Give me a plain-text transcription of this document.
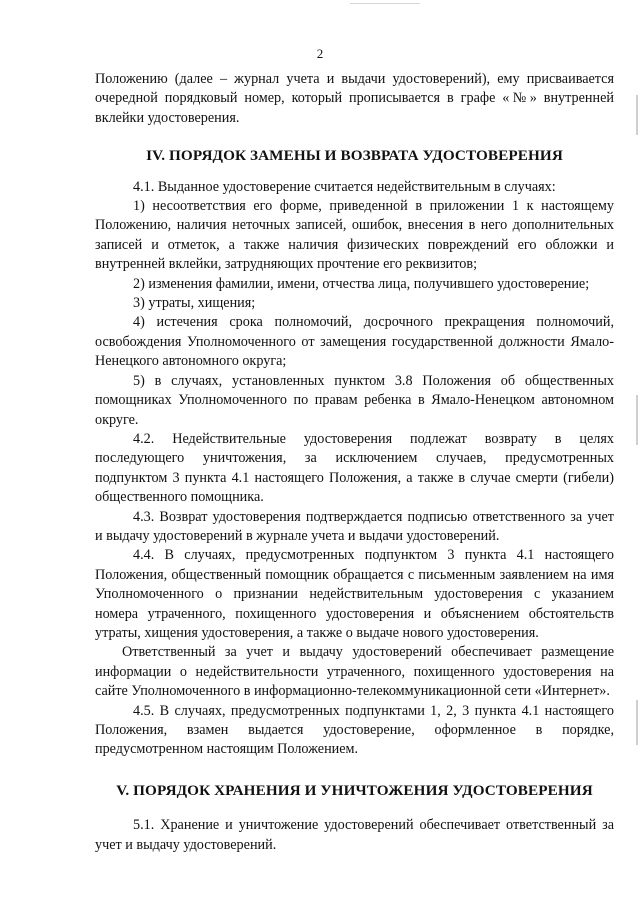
2

Положению (далее – журнал учета и выдачи удостоверений), ему присваивается очередной порядковый номер, который прописывается в графе «№» внутренней вклейки удостоверения.

IV. ПОРЯДОК ЗАМЕНЫ И ВОЗВРАТА УДОСТОВЕРЕНИЯ

4.1. Выданное удостоверение считается недействительным в случаях:

1) несоответствия его форме, приведенной в приложении 1 к настоящему Положению, наличия неточных записей, ошибок, внесения в него дополнительных записей и отметок, а также наличия физических повреждений его обложки и внутренней вклейки, затрудняющих прочтение его реквизитов;

2) изменения фамилии, имени, отчества лица, получившего удостоверение;

3) утраты, хищения;

4) истечения срока полномочий, досрочного прекращения полномочий, освобождения Уполномоченного от замещения государственной должности Ямало-Ненецкого автономного округа;

5) в случаях, установленных пунктом 3.8 Положения об общественных помощниках Уполномоченного по правам ребенка в Ямало-Ненецком автономном округе.

4.2. Недействительные удостоверения подлежат возврату в целях последующего уничтожения, за исключением случаев, предусмотренных подпунктом 3 пункта 4.1 настоящего Положения, а также в случае смерти (гибели) общественного помощника.

4.3. Возврат удостоверения подтверждается подписью ответственного за учет и выдачу удостоверений в журнале учета и выдачи удостоверений.

4.4. В случаях, предусмотренных подпунктом 3 пункта 4.1 настоящего Положения, общественный помощник обращается с письменным заявлением на имя Уполномоченного о признании недействительным удостоверения с указанием номера утраченного, похищенного удостоверения и объяснением обстоятельств утраты, хищения удостоверения, а также о выдаче нового удостоверения.

Ответственный за учет и выдачу удостоверений обеспечивает размещение информации о недействительности утраченного, похищенного удостоверения на сайте Уполномоченного в информационно-телекоммуникационной сети «Интернет».

4.5. В случаях, предусмотренных подпунктами 1, 2, 3 пункта 4.1 настоящего Положения, взамен выдается удостоверение, оформленное в порядке, предусмотренном настоящим Положением.

V. ПОРЯДОК ХРАНЕНИЯ И УНИЧТОЖЕНИЯ УДОСТОВЕРЕНИЯ

5.1. Хранение и уничтожение удостоверений обеспечивает ответственный за учет и выдачу удостоверений.
